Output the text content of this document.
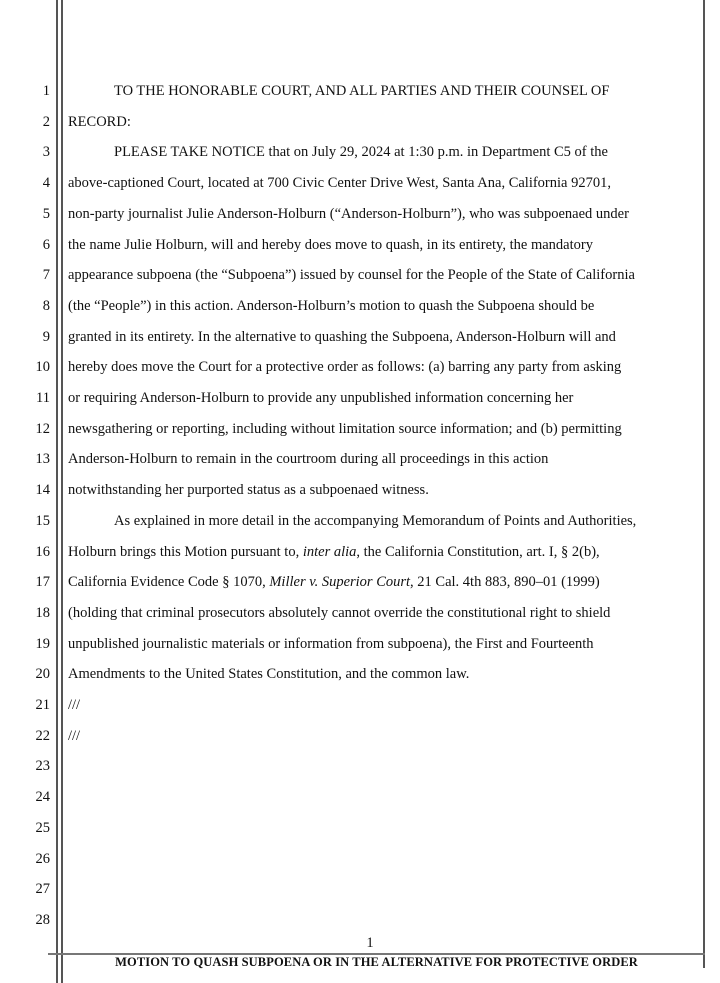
1
2
3
4
5
6
7
8
9
10
11
12
13
14
15
16
17
18
19
20
21
22
23
24
25
26
27
28
TO THE HONORABLE COURT, AND ALL PARTIES AND THEIR COUNSEL OF
RECORD:
PLEASE TAKE NOTICE that on July 29, 2024 at 1:30 p.m. in Department C5 of the
above-captioned Court, located at 700 Civic Center Drive West, Santa Ana, California 92701,
non-party journalist Julie Anderson-Holburn (“Anderson-Holburn”), who was subpoenaed under
the name Julie Holburn, will and hereby does move to quash, in its entirety, the mandatory
appearance subpoena (the “Subpoena”) issued by counsel for the People of the State of California
(the “People”) in this action. Anderson-Holburn’s motion to quash the Subpoena should be
granted in its entirety. In the alternative to quashing the Subpoena, Anderson-Holburn will and
hereby does move the Court for a protective order as follows: (a) barring any party from asking
or requiring Anderson-Holburn to provide any unpublished information concerning her
newsgathering or reporting, including without limitation source information; and (b) permitting
Anderson-Holburn to remain in the courtroom during all proceedings in this action
notwithstanding her purported status as a subpoenaed witness.
As explained in more detail in the accompanying Memorandum of Points and Authorities,
Holburn brings this Motion pursuant to, inter alia, the California Constitution, art. I, § 2(b),
California Evidence Code § 1070, Miller v. Superior Court, 21 Cal. 4th 883, 890–01 (1999)
(holding that criminal prosecutors absolutely cannot override the constitutional right to shield
unpublished journalistic materials or information from subpoena), the First and Fourteenth
Amendments to the United States Constitution, and the common law.
///
///
1
MOTION TO QUASH SUBPOENA OR IN THE ALTERNATIVE FOR PROTECTIVE ORDER
